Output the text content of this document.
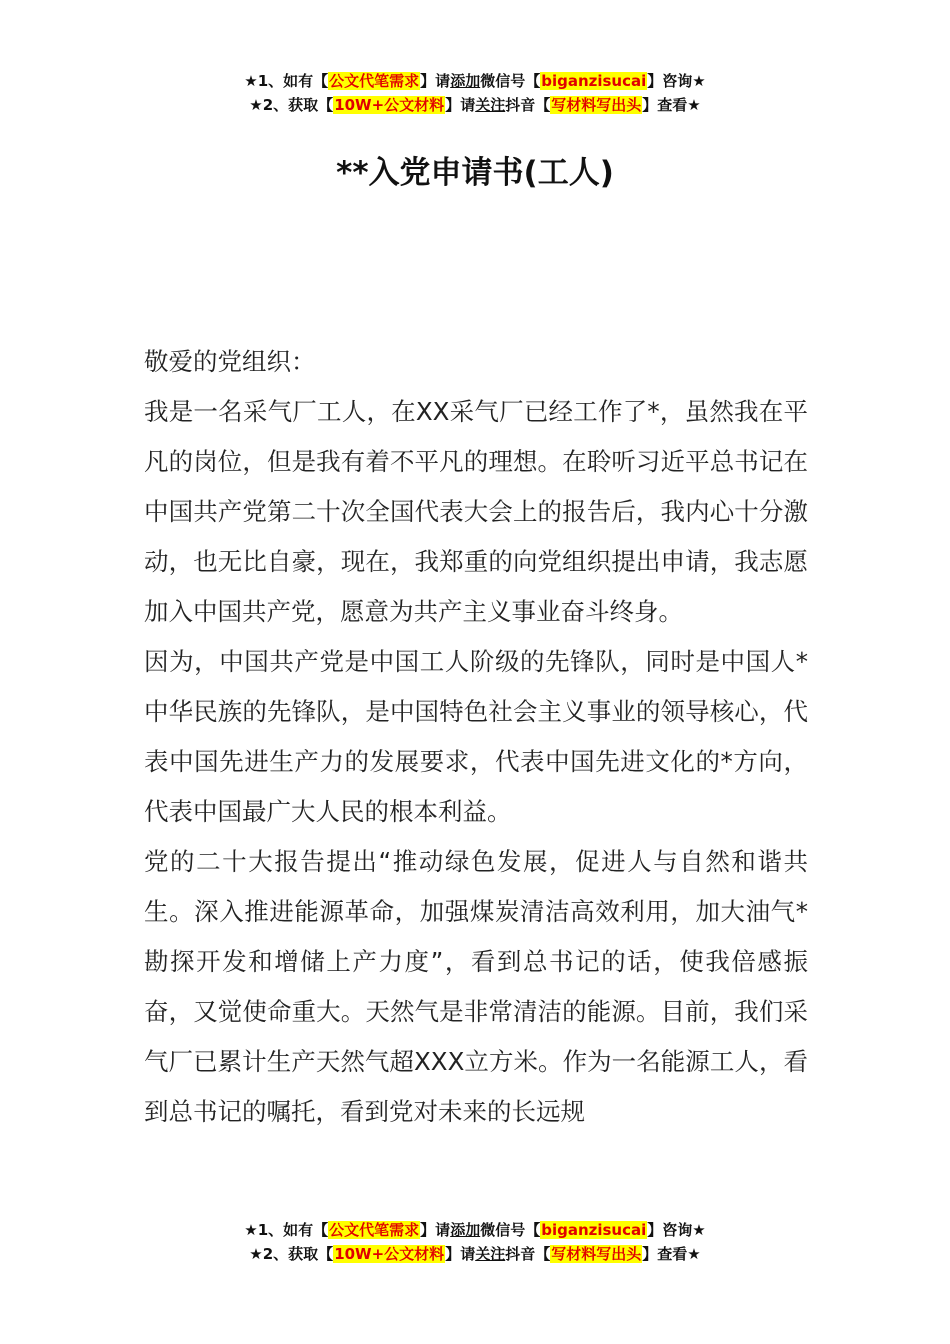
★1、如有【公文代笔需求】请添加微信号【biganzisucai】咨询★
★2、获取【10W+公文材料】请关注抖音【写材料写出头】查看★
**入党申请书(工人)

敬爱的党组织：

我是一名采气厂工人，在XX采气厂已经工作了*，虽然我在平凡的岗位，但是我有着不平凡的理想。在聆听习近平总书记在中国共产党第二十次全国代表大会上的报告后，我内心十分激动，也无比自豪，现在，我郑重的向党组织提出申请，我志愿加入中国共产党，愿意为共产主义事业奋斗终身。

因为，中国共产党是中国工人阶级的先锋队，同时是中国人*中华民族的先锋队，是中国特色社会主义事业的领导核心，代表中国先进生产力的发展要求，代表中国先进文化的*方向，代表中国最广大人民的根本利益。

党的二十大报告提出“推动绿色发展，促进人与自然和谐共生。深入推进能源革命，加强煤炭清洁高效利用，加大油气*勘探开发和增储上产力度”，看到总书记的话，使我倍感振奋，又觉使命重大。天然气是非常清洁的能源。目前，我们采气厂已累计生产天然气超XXX立方米。作为一名能源工人，看到总书记的嘱托，看到党对未来的长远规

★1、如有【公文代笔需求】请添加微信号【biganzisucai】咨询★
★2、获取【10W+公文材料】请关注抖音【写材料写出头】查看★
